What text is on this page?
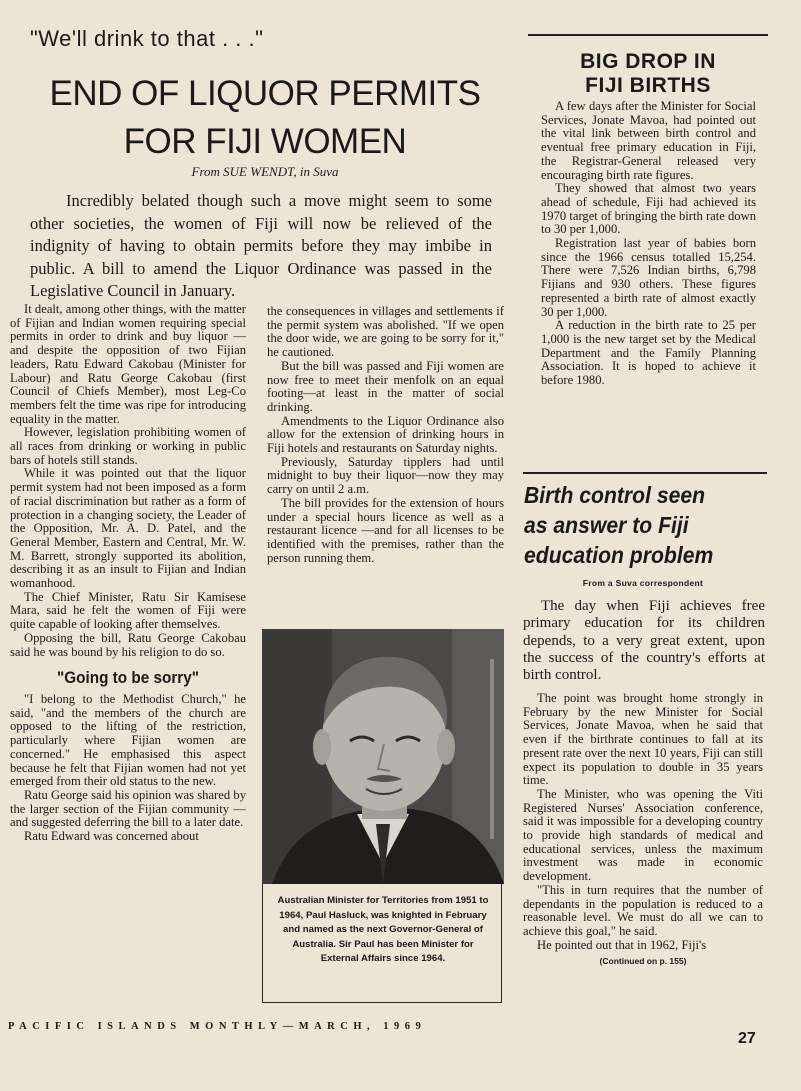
"We'll drink to that . . ."

END OF LIQUOR PERMITS
FOR FIJI WOMEN

From SUE WENDT, in Suva

Incredibly belated though such a move might seem to some other societies, the women of Fiji will now be relieved of the indignity of having to obtain permits before they may imbibe in public. A bill to amend the Liquor Ordinance was passed in the Legislative Council in January.

It dealt, among other things, with the matter of Fijian and Indian women requiring special permits in order to drink and buy liquor — and despite the opposition of two Fijian leaders, Ratu Edward Cakobau (Minister for Labour) and Ratu George Cakobau (first Council of Chiefs Member), most Leg-Co members felt the time was ripe for introducing equality in the matter.

However, legislation prohibiting women of all races from drinking or working in public bars of hotels still stands.

While it was pointed out that the liquor permit system had not been imposed as a form of racial discrimination but rather as a form of protection in a changing society, the Leader of the Opposition, Mr. A. D. Patel, and the General Member, Eastern and Central, Mr. W. M. Barrett, strongly supported its abolition, describing it as an insult to Fijian and Indian womanhood.

The Chief Minister, Ratu Sir Kamisese Mara, said he felt the women of Fiji were quite capable of looking after themselves.

Opposing the bill, Ratu George Cakobau said he was bound by his religion to do so.

"Going to be sorry"

"I belong to the Methodist Church," he said, "and the members of the church are opposed to the lifting of the restriction, particularly where Fijian women are concerned." He emphasised this aspect because he felt that Fijian women had not yet emerged from their old status to the new.

Ratu George said his opinion was shared by the larger section of the Fijian community — and suggested deferring the bill to a later date.

Ratu Edward was concerned about

the consequences in villages and settlements if the permit system was abolished. "If we open the door wide, we are going to be sorry for it," he cautioned.

But the bill was passed and Fiji women are now free to meet their menfolk on an equal footing—at least in the matter of social drinking.

Amendments to the Liquor Ordinance also allow for the extension of drinking hours in Fiji hotels and restaurants on Saturday nights.

Previously, Saturday tipplers had until midnight to buy their liquor—now they may carry on until 2 a.m.

The bill provides for the extension of hours under a special hours licence as well as a restaurant licence —and for all licenses to be identified with the premises, rather than the person running them.

Australian Minister for Territories from 1951 to 1964, Paul Hasluck, was knighted in February and named as the next Governor-General of Australia. Sir Paul has been Minister for External Affairs since 1964.

BIG DROP IN
FIJI BIRTHS

A few days after the Minister for Social Services, Jonate Mavoa, had pointed out the vital link between birth control and eventual free primary education in Fiji, the Registrar-General released very encouraging birth rate figures.

They showed that almost two years ahead of schedule, Fiji had achieved its 1970 target of bringing the birth rate down to 30 per 1,000.

Registration last year of babies born since the 1966 census totalled 15,254. There were 7,526 Indian births, 6,798 Fijians and 930 others. These figures represented a birth rate of almost exactly 30 per 1,000.

A reduction in the birth rate to 25 per 1,000 is the new target set by the Medical Department and the Family Planning Association. It is hoped to achieve it before 1980.

Birth control seen
as answer to Fiji
education problem

From a Suva correspondent

The day when Fiji achieves free primary education for its children depends, to a very great extent, upon the success of the country's efforts at birth control.

The point was brought home strongly in February by the new Minister for Social Services, Jonate Mavoa, when he said that even if the birthrate continues to fall at its present rate over the next 10 years, Fiji can still expect its population to double in 35 years time.

The Minister, who was opening the Viti Registered Nurses' Association conference, said it was impossible for a developing country to provide high standards of medical and educational services, unless the maximum investment was made in economic development.

"This in turn requires that the number of dependants in the population is reduced to a reasonable level. We must do all we can to achieve this goal," he said.

He pointed out that in 1962, Fiji's

(Continued on p. 155)

PACIFIC ISLANDS MONTHLY—MARCH, 1969

27
